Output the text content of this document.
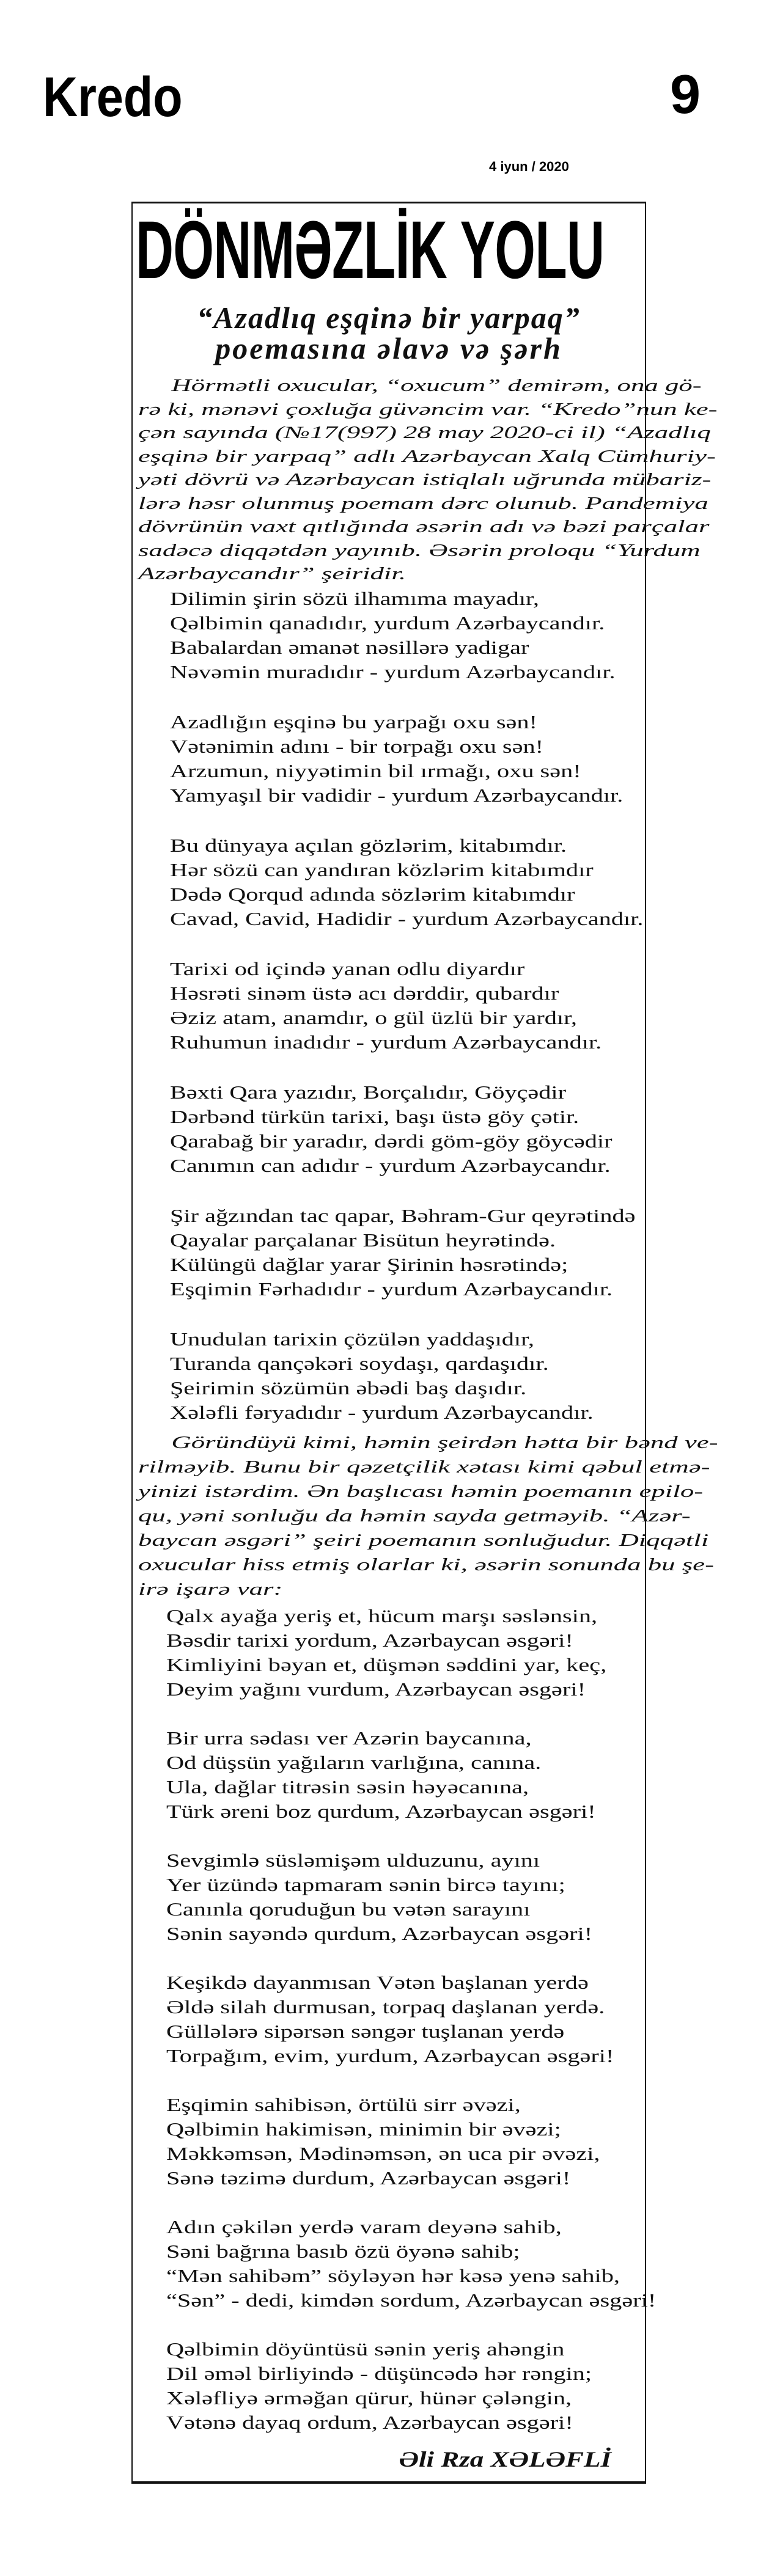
Kredo	9
4 iyun / 2020
DÖNMƏZLİK YOLU
“Azadlıq eşqinə bir yarpaq”
poemasına əlavə və şərh
Hörmətli oxucular, “oxucum” demirəm, ona gö-
rə ki, mənəvi çoxluğa güvəncim var. “Kredo”nun ke-
çən sayında (№17(997) 28 may 2020-ci il) “Azadlıq
eşqinə bir yarpaq” adlı Azərbaycan Xalq Cümhuriy-
yəti dövrü və Azərbaycan istiqlalı uğrunda mübariz-
lərə həsr olunmuş poemam dərc olunub. Pandemiya
dövrünün vaxt qıtlığında əsərin adı və bəzi parçalar
sadəcə diqqətdən yayınıb. Əsərin proloqu “Yurdum
Azərbaycandır” şeiridir.
Dilimin şirin sözü ilhamıma mayadır,
Qəlbimin qanadıdır, yurdum Azərbaycandır.
Babalardan əmanət nəsillərə yadigar
Nəvəmin muradıdır - yurdum Azərbaycandır.
Azadlığın eşqinə bu yarpağı oxu sən!
Vətənimin adını - bir torpağı oxu sən!
Arzumun, niyyətimin bil ırmağı, oxu sən!
Yamyaşıl bir vadidir - yurdum Azərbaycandır.
Bu dünyaya açılan gözlərim, kitabımdır.
Hər sözü can yandıran közlərim kitabımdır
Dədə Qorqud adında sözlərim kitabımdır
Cavad, Cavid, Hadidir - yurdum Azərbaycandır.
Tarixi od içində yanan odlu diyardır
Həsrəti sinəm üstə acı dərddir, qubardır
Əziz atam, anamdır, o gül üzlü bir yardır,
Ruhumun inadıdır - yurdum Azərbaycandır.
Bəxti Qara yazıdır, Borçalıdır, Göyçədir
Dərbənd türkün tarixi, başı üstə göy çətir.
Qarabağ bir yaradır, dərdi göm-göy göycədir
Canımın can adıdır - yurdum Azərbaycandır.
Şir ağzından tac qapar, Bəhram-Gur qeyrətində
Qayalar parçalanar Bisütun heyrətində.
Külüngü dağlar yarar Şirinin həsrətində;
Eşqimin Fərhadıdır - yurdum Azərbaycandır.
Unudulan tarixin çözülən yaddaşıdır,
Turanda qançəkəri soydaşı, qardaşıdır.
Şeirimin sözümün əbədi baş daşıdır.
Xələfli fəryadıdır - yurdum Azərbaycandır.
Göründüyü kimi, həmin şeirdən hətta bir bənd ve-
rilməyib. Bunu bir qəzetçilik xətası kimi qəbul etmə-
yinizi istərdim. Ən başlıcası həmin poemanın epilo-
qu, yəni sonluğu da həmin sayda getməyib. “Azər-
baycan əsgəri” şeiri poemanın sonluğudur. Diqqətli
oxucular hiss etmiş olarlar ki, əsərin sonunda bu şe-
irə işarə var:
Qalx ayağa yeriş et, hücum marşı səslənsin,
Bəsdir tarixi yordum, Azərbaycan əsgəri!
Kimliyini bəyan et, düşmən səddini yar, keç,
Deyim yağını vurdum, Azərbaycan əsgəri!
Bir urra sədası ver Azərin baycanına,
Od düşsün yağıların varlığına, canına.
Ula, dağlar titrəsin səsin həyəcanına,
Türk əreni boz qurdum, Azərbaycan əsgəri!
Sevgimlə süsləmişəm ulduzunu, ayını
Yer üzündə tapmaram sənin bircə tayını;
Canınla qoruduğun bu vətən sarayını
Sənin sayəndə qurdum, Azərbaycan əsgəri!
Keşikdə dayanmısan Vətən başlanan yerdə
Əldə silah durmusan, torpaq daşlanan yerdə.
Güllələrə sipərsən səngər tuşlanan yerdə
Torpağım, evim, yurdum, Azərbaycan əsgəri!
Eşqimin sahibisən, örtülü sirr əvəzi,
Qəlbimin hakimisən, minimin bir əvəzi;
Məkkəmsən, Mədinəmsən, ən uca pir əvəzi,
Sənə təzimə durdum, Azərbaycan əsgəri!
Adın çəkilən yerdə varam deyənə sahib,
Səni bağrına basıb özü öyənə sahib;
“Mən sahibəm” söyləyən hər kəsə yenə sahib,
“Sən” - dedi, kimdən sordum, Azərbaycan əsgəri!
Qəlbimin döyüntüsü sənin yeriş ahəngin
Dil əməl birliyində - düşüncədə hər rəngin;
Xələfliyə ərməğan qürur, hünər çələngin,
Vətənə dayaq ordum, Azərbaycan əsgəri!
Əli Rza XƏLƏFLİ
